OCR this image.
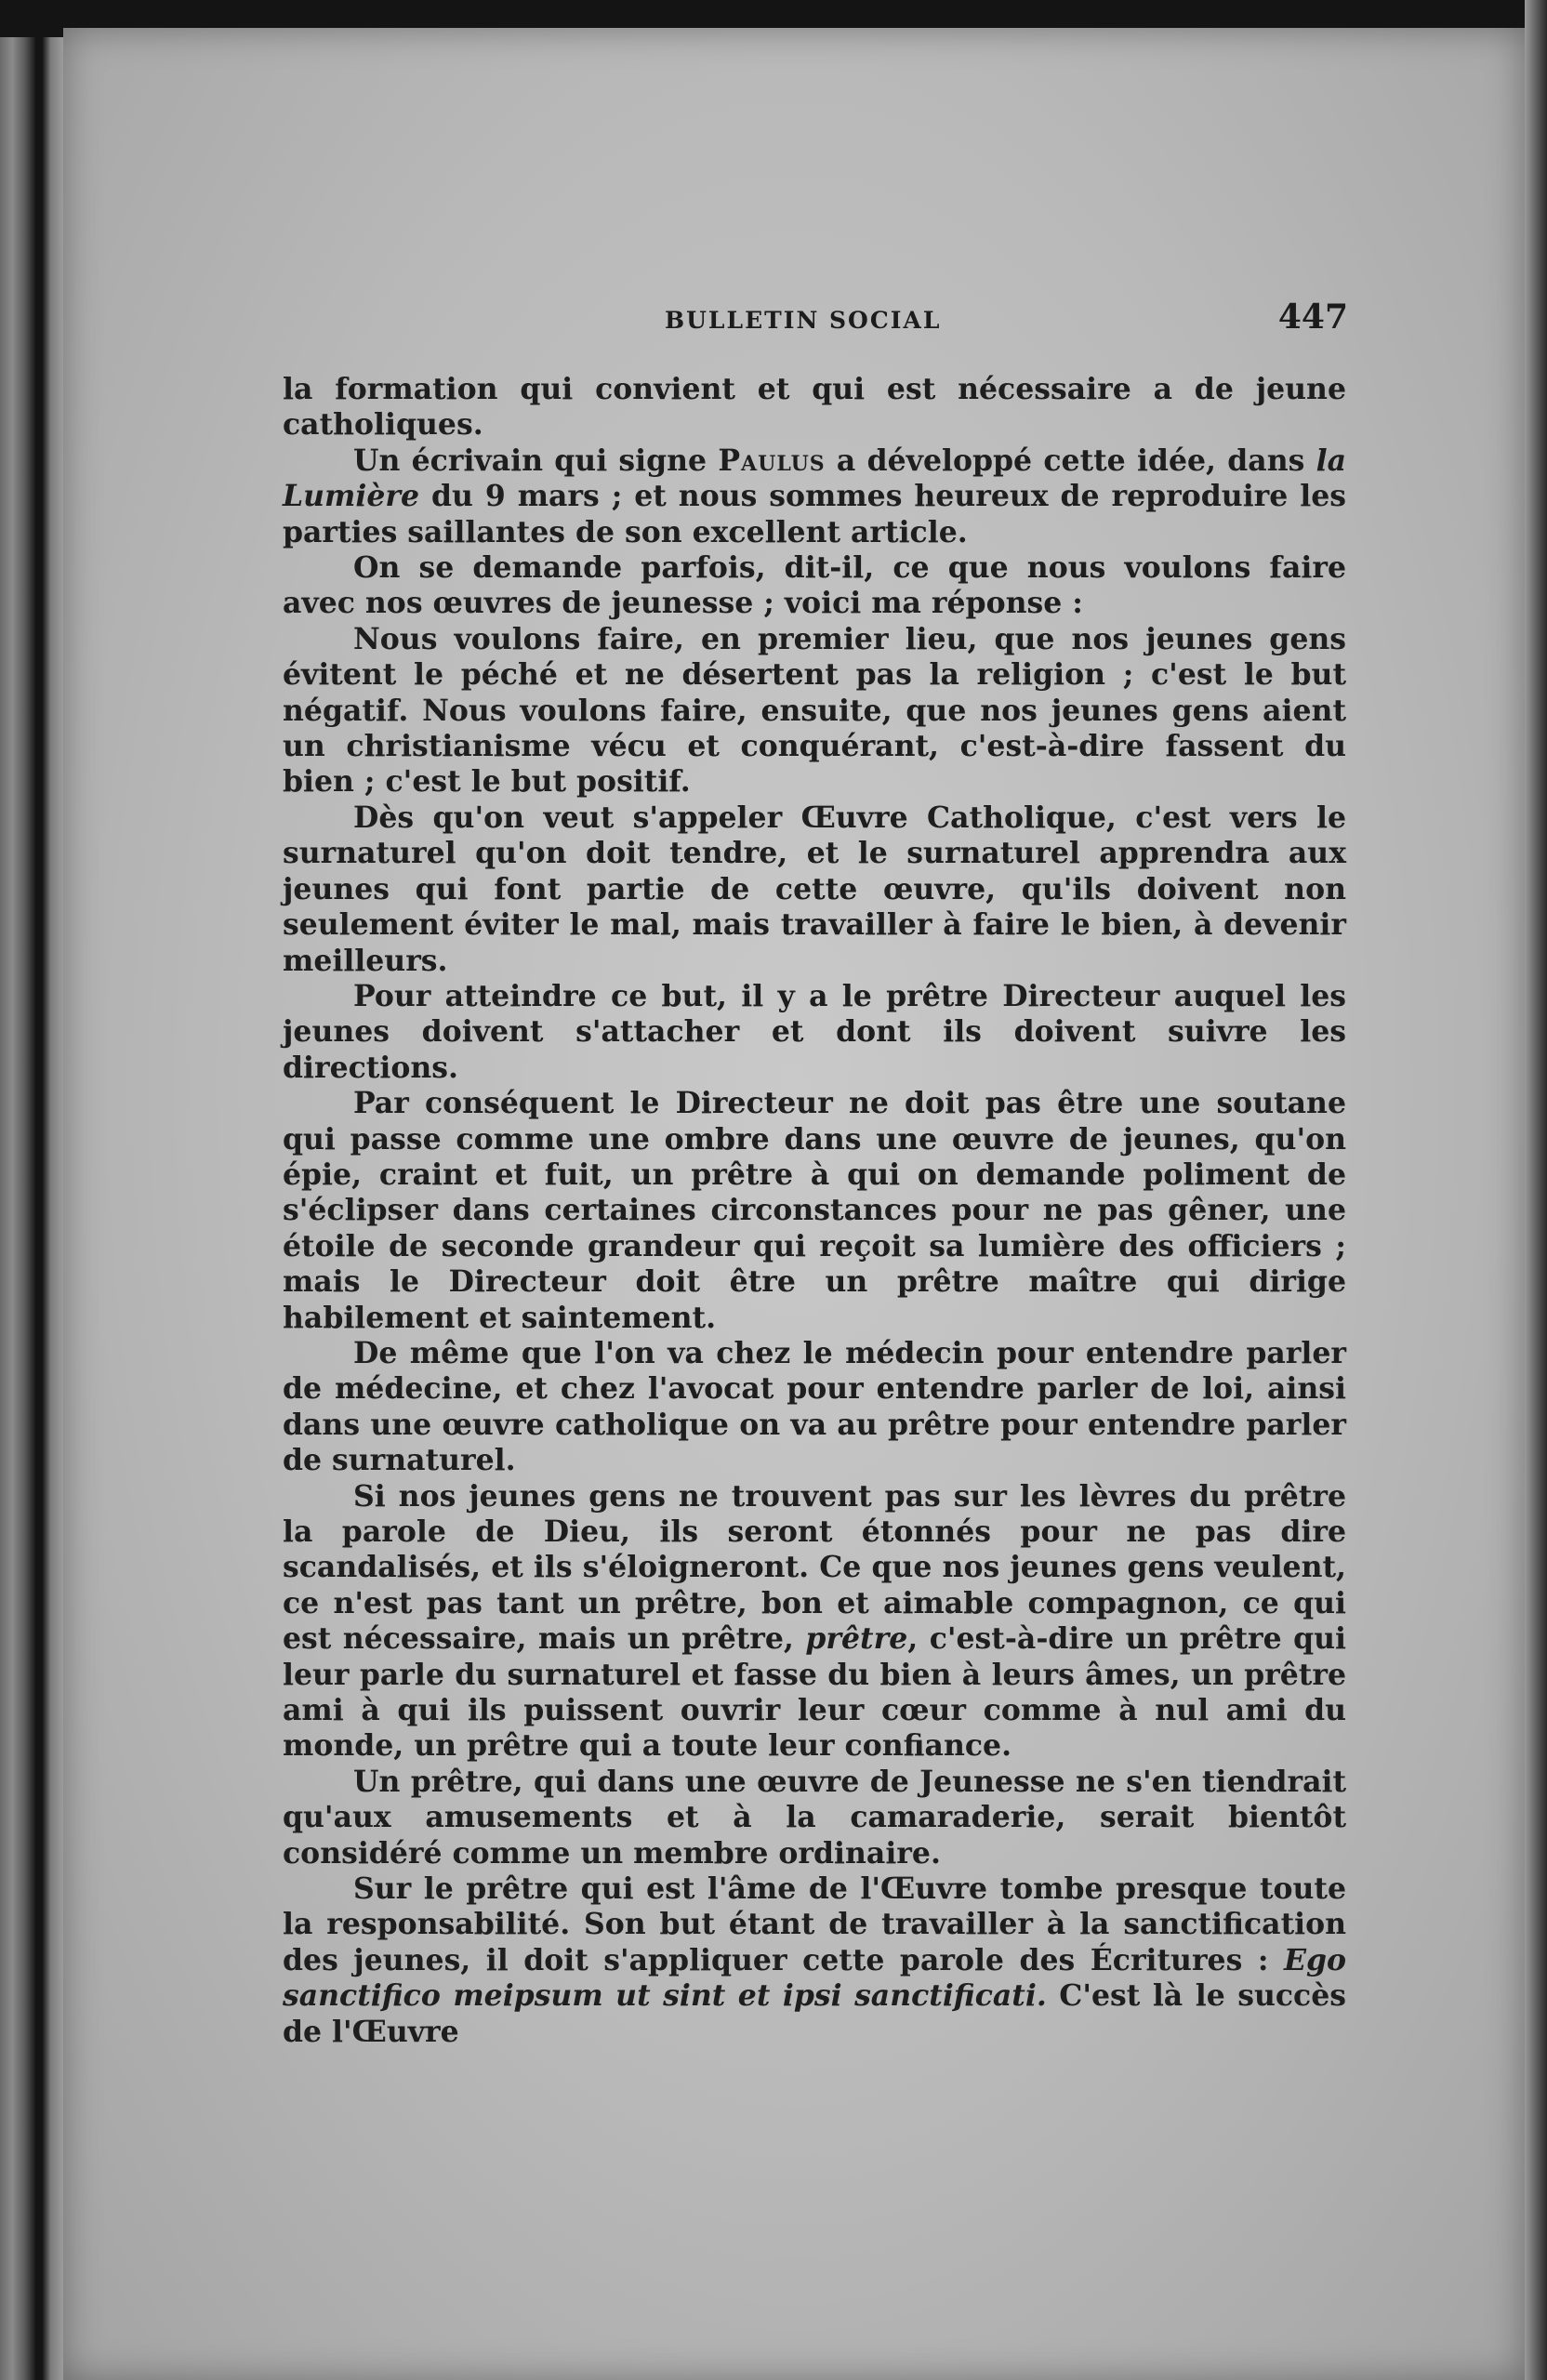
BULLETIN SOCIAL	447

la formation qui convient et qui est nécessaire a de jeune catholiques.

Un écrivain qui signe Paulus a développé cette idée, dans la Lumière du 9 mars ; et nous sommes heureux de reproduire les parties saillantes de son excellent article.

On se demande parfois, dit-il, ce que nous voulons faire avec nos œuvres de jeunesse ; voici ma réponse :

Nous voulons faire, en premier lieu, que nos jeunes gens évitent le péché et ne désertent pas la religion ; c'est le but négatif. Nous voulons faire, ensuite, que nos jeunes gens aient un christianisme vécu et conquérant, c'est-à-dire fassent du bien ; c'est le but positif.

Dès qu'on veut s'appeler Œuvre Catholique, c'est vers le surnaturel qu'on doit tendre, et le surnaturel apprendra aux jeunes qui font partie de cette œuvre, qu'ils doivent non seulement éviter le mal, mais travailler à faire le bien, à devenir meilleurs.

Pour atteindre ce but, il y a le prêtre Directeur auquel les jeunes doivent s'attacher et dont ils doivent suivre les directions.

Par conséquent le Directeur ne doit pas être une soutane qui passe comme une ombre dans une œuvre de jeunes, qu'on épie, craint et fuit, un prêtre à qui on demande poliment de s'éclipser dans certaines circonstances pour ne pas gêner, une étoile de seconde grandeur qui reçoit sa lumière des officiers ; mais le Directeur doit être un prêtre maître qui dirige habilement et saintement.

De même que l'on va chez le médecin pour entendre parler de médecine, et chez l'avocat pour entendre parler de loi, ainsi dans une œuvre catholique on va au prêtre pour entendre parler de surnaturel.

Si nos jeunes gens ne trouvent pas sur les lèvres du prêtre la parole de Dieu, ils seront étonnés pour ne pas dire scandalisés, et ils s'éloigneront. Ce que nos jeunes gens veulent, ce n'est pas tant un prêtre, bon et aimable compagnon, ce qui est nécessaire, mais un prêtre, prêtre, c'est-à-dire un prêtre qui leur parle du surnaturel et fasse du bien à leurs âmes, un prêtre ami à qui ils puissent ouvrir leur cœur comme à nul ami du monde, un prêtre qui a toute leur confiance.

Un prêtre, qui dans une œuvre de Jeunesse ne s'en tiendrait qu'aux amusements et à la camaraderie, serait bientôt considéré comme un membre ordinaire.

Sur le prêtre qui est l'âme de l'Œuvre tombe presque toute la responsabilité. Son but étant de travailler à la sanctification des jeunes, il doit s'appliquer cette parole des Écritures : Ego sanctifico meipsum ut sint et ipsi sanctificati. C'est là le succès de l'Œuvre
